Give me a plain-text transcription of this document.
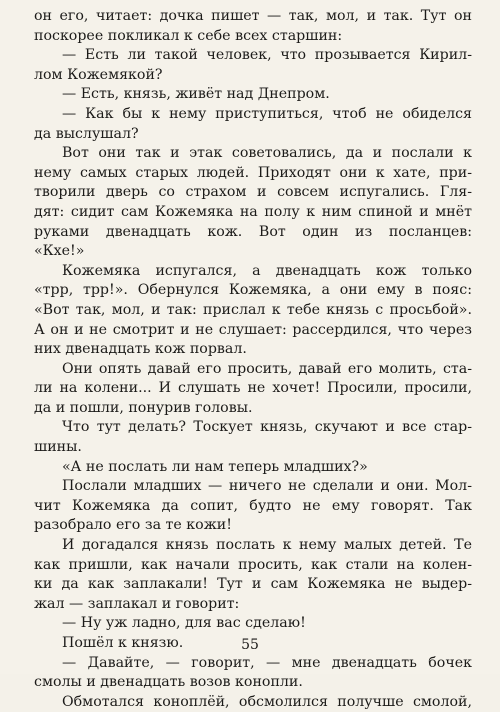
он его, читает: дочка пишет — так, мол, и так. Тут он
поскорее покликал к себе всех старшин:
— Есть ли такой человек, что прозывается Кирил-
лом Кожемякой?
— Есть, князь, живёт над Днепром.
— Как бы к нему приступиться, чтоб не обиделся
да выслушал?
Вот они так и этак советовались, да и послали к
нему самых старых людей. Приходят они к хате, при-
творили дверь со страхом и совсем испугались. Гля-
дят: сидит сам Кожемяка на полу к ним спиной и мнёт
руками двенадцать кож. Вот один из посланцев:
«Кхе!»
Кожемяка испугался, а двенадцать кож только
«трр, трр!». Обернулся Кожемяка, а они ему в пояс:
«Вот так, мол, и так: прислал к тебе князь с просьбой».
А он и не смотрит и не слушает: рассердился, что через
них двенадцать кож порвал.
Они опять давай его просить, давай его молить, ста-
ли на колени... И слушать не хочет! Просили, просили,
да и пошли, понурив головы.
Что тут делать? Тоскует князь, скучают и все стар-
шины.
«А не послать ли нам теперь младших?»
Послали младших — ничего не сделали и они. Мол-
чит Кожемяка да сопит, будто не ему говорят. Так
разобрало его за те кожи!
И догадался князь послать к нему малых детей. Те
как пришли, как начали просить, как стали на колен-
ки да как заплакали! Тут и сам Кожемяка не выдер-
жал — заплакал и говорит:
— Ну уж ладно, для вас сделаю!
Пошёл к князю.
— Давайте, — говорит, — мне двенадцать бочек
смолы и двенадцать возов конопли.
Обмотался коноплёй, обсмолился получше смолой,
55
